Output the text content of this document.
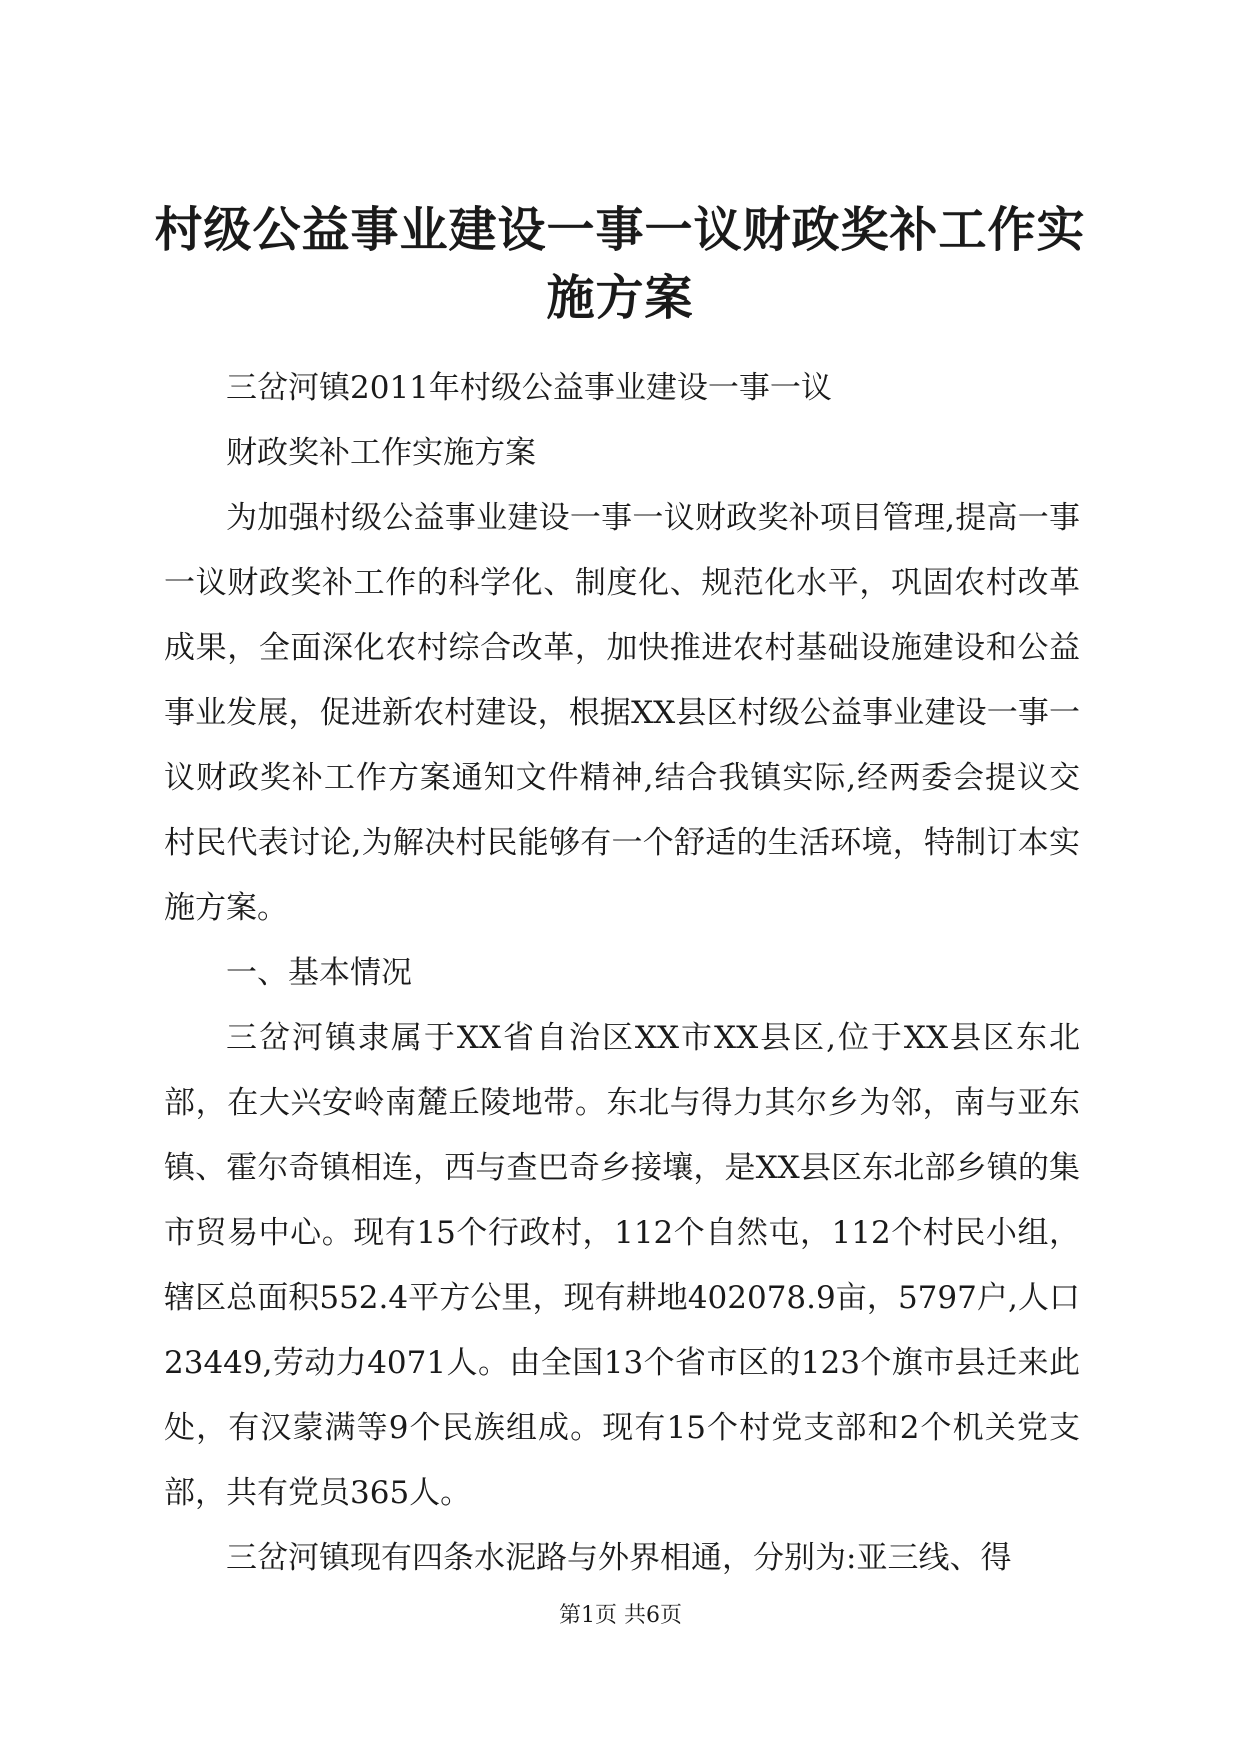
村级公益事业建设一事一议财政奖补工作实施方案

三岔河镇2011年村级公益事业建设一事一议

财政奖补工作实施方案

为加强村级公益事业建设一事一议财政奖补项目管理,提高一事一议财政奖补工作的科学化、制度化、规范化水平，巩固农村改革成果，全面深化农村综合改革，加快推进农村基础设施建设和公益事业发展，促进新农村建设，根据XX县区村级公益事业建设一事一议财政奖补工作方案通知文件精神,结合我镇实际,经两委会提议交村民代表讨论,为解决村民能够有一个舒适的生活环境，特制订本实施方案。

一、基本情况

三岔河镇隶属于XX省自治区XX市XX县区,位于XX县区东北部，在大兴安岭南麓丘陵地带。东北与得力其尔乡为邻，南与亚东镇、霍尔奇镇相连，西与查巴奇乡接壤，是XX县区东北部乡镇的集市贸易中心。现有15个行政村，112个自然屯，112个村民小组，辖区总面积552.4平方公里，现有耕地402078.9亩，5797户,人口23449,劳动力4071人。由全国13个省市区的123个旗市县迁来此处，有汉蒙满等9个民族组成。现有15个村党支部和2个机关党支部，共有党员365人。

三岔河镇现有四条水泥路与外界相通，分别为:亚三线、得

第1页 共6页
